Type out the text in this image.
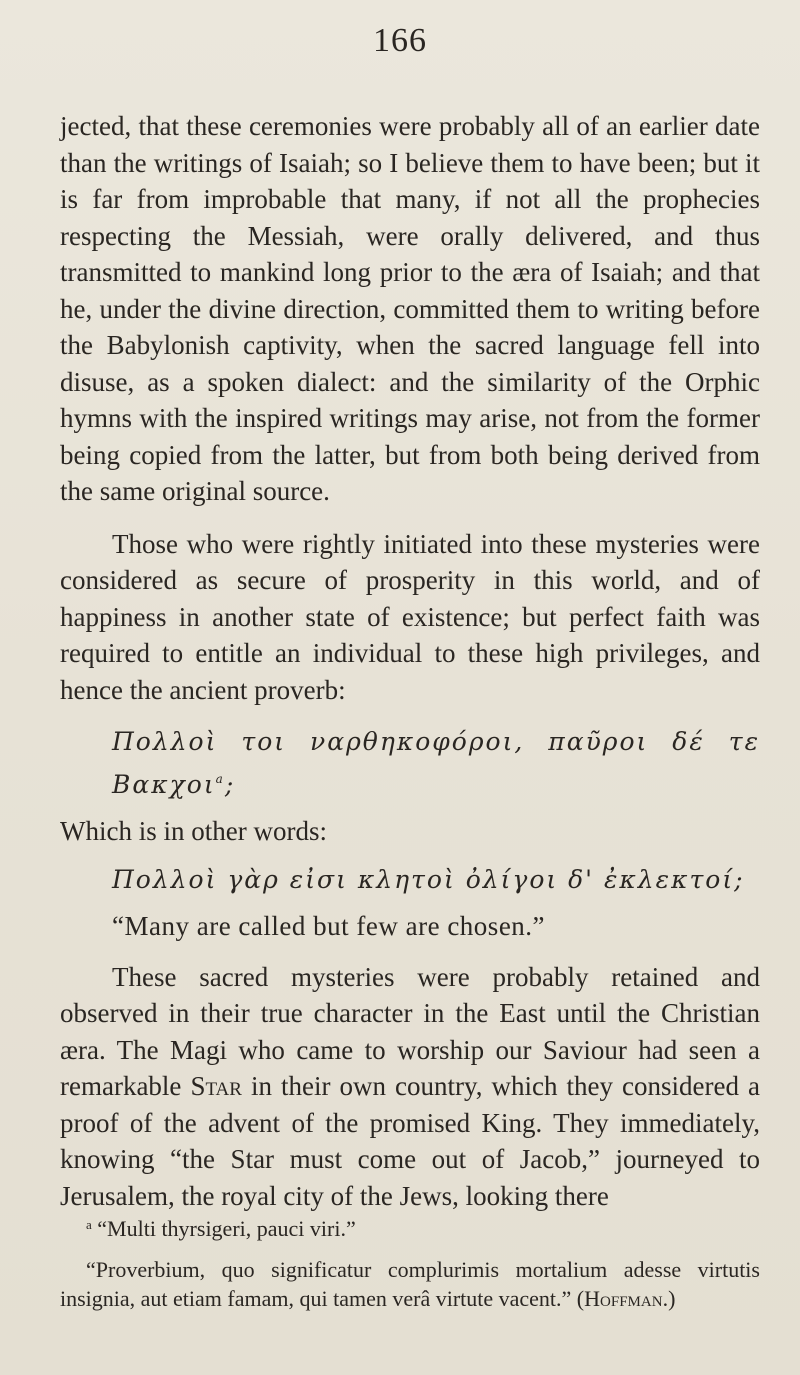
166

jected, that these ceremonies were probably all of an earlier date than the writings of Isaiah; so I believe them to have been; but it is far from improbable that many, if not all the prophecies respecting the Messiah, were orally delivered, and thus transmitted to mankind long prior to the æra of Isaiah; and that he, under the divine direction, committed them to writing before the Babylonish captivity, when the sacred language fell into disuse, as a spoken dialect: and the similarity of the Orphic hymns with the inspired writings may arise, not from the former being copied from the latter, but from both being derived from the same original source.

Those who were rightly initiated into these mysteries were considered as secure of prosperity in this world, and of happiness in another state of existence; but perfect faith was required to entitle an individual to these high privileges, and hence the ancient proverb:

Πολλοὶ τοι ναρθηκοφόροι, παῦροι δέ τε Βακχοι$^a$;

Which is in other words:

Πολλοὶ γὰρ εἰσι κλητοὶ ὀλίγοι δ' ἐκλεκτοί;

“Many are called but few are chosen.”

These sacred mysteries were probably retained and observed in their true character in the East until the Christian æra. The Magi who came to worship our Saviour had seen a remarkable Star in their own country, which they considered a proof of the advent of the promised King. They immediately, knowing “the Star must come out of Jacob,” journeyed to Jerusalem, the royal city of the Jews, looking there

$^a$ “Multi thyrsigeri, pauci viri.”

“Proverbium, quo significatur complurimis mortalium adesse virtutis insignia, aut etiam famam, qui tamen verâ virtute vacent.” (Hoffman.)
